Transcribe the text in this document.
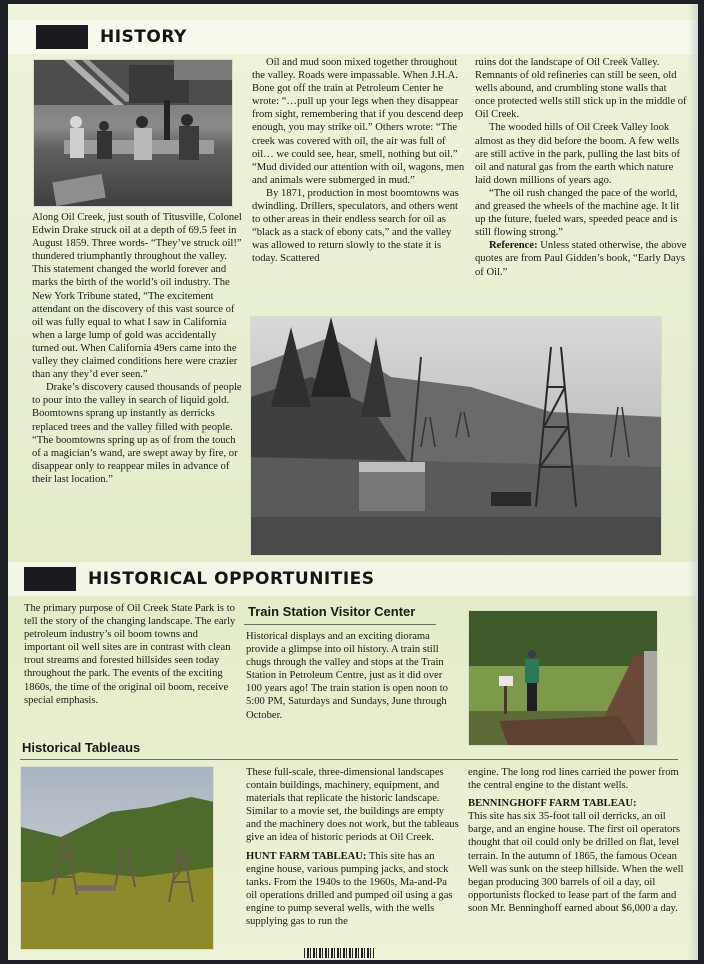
HISTORY

Along Oil Creek, just south of Titusville, Colonel Edwin Drake struck oil at a depth of 69.5 feet in August 1859. Three words- “They’ve struck oil!” thundered triumphantly throughout the valley. This statement changed the world forever and marks the birth of the world’s oil industry. The New York Tribune stated, “The excitement attendant on the discovery of this vast source of oil was fully equal to what I saw in California when a large lump of gold was accidentally turned out. When California 49ers came into the valley they claimed conditions here were crazier than any they’d ever seen.”

Drake’s discovery caused thousands of people to pour into the valley in search of liquid gold. Boomtowns sprang up instantly as derricks replaced trees and the valley filled with people. “The boomtowns spring up as of from the touch of a magician’s wand, are swept away by fire, or disappear only to reappear miles in advance of their last location.”

Oil and mud soon mixed together throughout the valley. Roads were impassable. When J.H.A. Bone got off the train at Petroleum Center he wrote: “…pull up your legs when they disappear from sight, remembering that if you descend deep enough, you may strike oil.” Others wrote: “The creek was covered with oil, the air was full of oil… we could see, hear, smell, nothing but oil.” “Mud divided our attention with oil, wagons, men and animals were submerged in mud.”

By 1871, production in most boomtowns was dwindling. Drillers, speculators, and others went to other areas in their endless search for oil as “black as a stack of ebony cats,” and the valley was allowed to return slowly to the state it is today. Scattered

ruins dot the landscape of Oil Creek Valley. Remnants of old refineries can still be seen, old wells abound, and crumbling stone walls that once protected wells still stick up in the middle of Oil Creek.

The wooded hills of Oil Creek Valley look almost as they did before the boom. A few wells are still active in the park, pulling the last bits of oil and natural gas from the earth which nature laid down millions of years ago.

“The oil rush changed the pace of the world, and greased the wheels of the machine age. It lit up the future, fueled wars, speeded peace and is still flowing strong.”

Reference: Unless stated otherwise, the above quotes are from Paul Gidden’s book, “Early Days of Oil.”

HISTORICAL OPPORTUNITIES

The primary purpose of Oil Creek State Park is to tell the story of the changing landscape. The early petroleum industry’s oil boom towns and important oil well sites are in contrast with clean trout streams and forested hillsides seen today throughout the park. The events of the exciting 1860s, the time of the original oil boom, receive special emphasis.

Train Station Visitor Center

Historical displays and an exciting diorama provide a glimpse into oil history. A train still chugs through the valley and stops at the Train Station in Petroleum Centre, just as it did over 100 years ago! The train station is open noon to 5:00 PM, Saturdays and Sundays, June through October.

Historical Tableaus

These full-scale, three-dimensional landscapes contain buildings, machinery, equipment, and materials that replicate the historic landscape. Similar to a movie set, the buildings are empty and the machinery does not work, but the tableaus give an idea of historic periods at Oil Creek.

HUNT FARM TABLEAU: This site has an engine house, various pumping jacks, and stock tanks. From the 1940s to the 1960s, Ma-and-Pa oil operations drilled and pumped oil using a gas engine to pump several wells, with the wells supplying gas to run the

engine. The long rod lines carried the power from the central engine to the distant wells.

BENNINGHOFF FARM TABLEAU:

This site has six 35-foot tall oil derricks, an oil barge, and an engine house. The first oil operators thought that oil could only be drilled on flat, level terrain. In the autumn of 1865, the famous Ocean Well was sunk on the steep hillside. When the well began producing 300 barrels of oil a day, oil opportunists flocked to lease part of the farm and soon Mr. Benninghoff earned about $6,000 a day.
